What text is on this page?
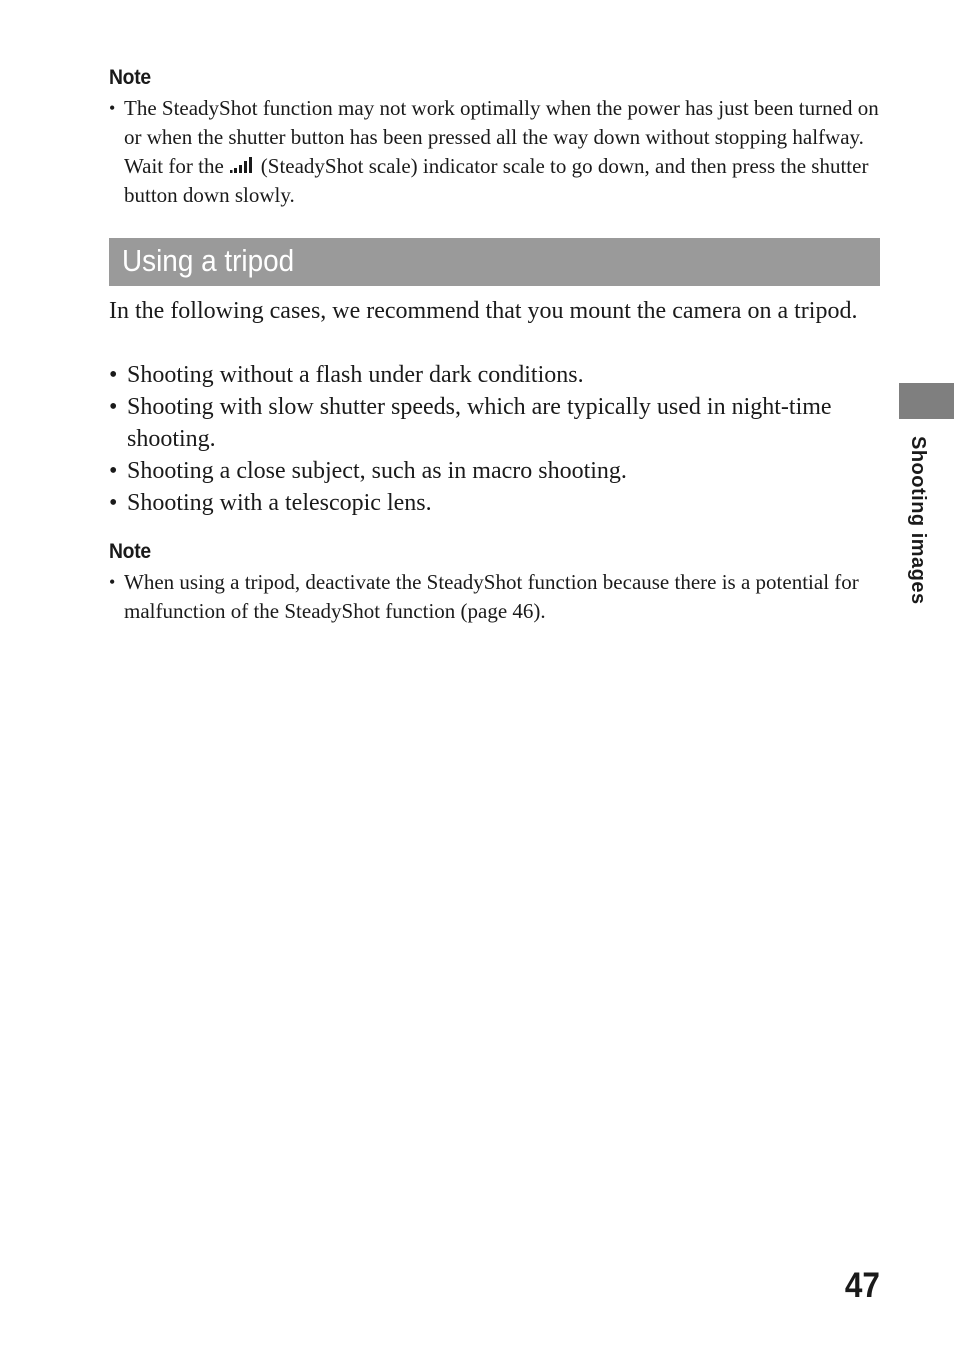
Note
• The SteadyShot function may not work optimally when the power has just been turned on or when the shutter button has been pressed all the way down without stopping halfway. Wait for the (SteadyShot scale) indicator scale to go down, and then press the shutter button down slowly.
Using a tripod

In the following cases, we recommend that you mount the camera on a tripod.

• Shooting without a flash under dark conditions.
• Shooting with slow shutter speeds, which are typically used in night-time shooting.
• Shooting a close subject, such as in macro shooting.
• Shooting with a telescopic lens.
Note
• When using a tripod, deactivate the SteadyShot function because there is a potential for malfunction of the SteadyShot function (page 46).
Shooting images
47
